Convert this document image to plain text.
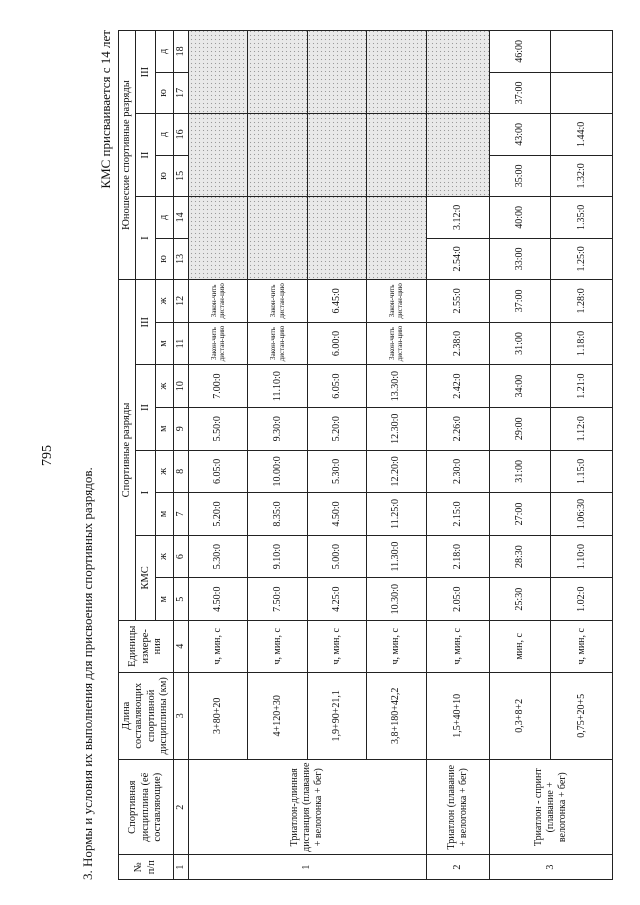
795
3. Нормы и условия их выполнения для присвоения спортивных разрядов.
КМС присваивается с 14 лет
№ п/п	Спортивная дисциплина (её составляющие)	Длина составляющих спортивной дисциплины (км)	Единицы измере-ния	Спортивные разряды								Юношеские спортивные разряды					
				КМС		I		II		III		I		II		III	
				м	ж	м	ж	м	ж	м	ж	ю	д	ю	д	ю	д
1	2	3	4	5	6	7	8	9	10	11	12	13	14	15	16	17	18
1	Триатлон-длинная дистанция (плавание + велогонка + бег)	3+80+20	ч, мин, с	4.50:0	5.30:0	5.20:0	6.05:0	5.50:0	7.00:0	Закон-чить дистан-цию	Закон-чить дистан-цию						
		4+120+30	ч, мин, с	7.50:0	9.10:0	8.35:0	10.00:0	9.30:0	11.10:0	Закон-чить дистан-цию	Закон-чить дистан-цию						
		1,9+90+21,1	ч, мин, с	4.25:0	5.00:0	4.50:0	5.30:0	5.20:0	6.05:0	6.00:0	6.45:0						
		3,8+180+42,2	ч, мин, с	10.30:0	11.30:0	11.25:0	12.20:0	12.30:0	13.30:0	Закон-чить дистан-цию	Закон-чить дистан-цию						
2	Триатлон (плавание + велогонка + бег)	1,5+40+10	ч, мин, с	2.05:0	2.18:0	2.15:0	2.30:0	2.26:0	2.42:0	2.38:0	2.55:0	2.54:0	3.12:0				
3	Триатлон - спринт (плавание + велогонка + бег)	0,3+8+2	мин, с	25:30	28:30	27:00	31:00	29:00	34:00	31:00	37:00	33:00	40:00	35:00	43:00	37:00	46:00
		0,75+20+5	ч, мин, с	1.02:0	1.10:0	1.06:30	1.15:0	1.12:0	1.21:0	1.18:0	1.28:0	1.25:0	1.35:0	1.32:0	1.44:0		
